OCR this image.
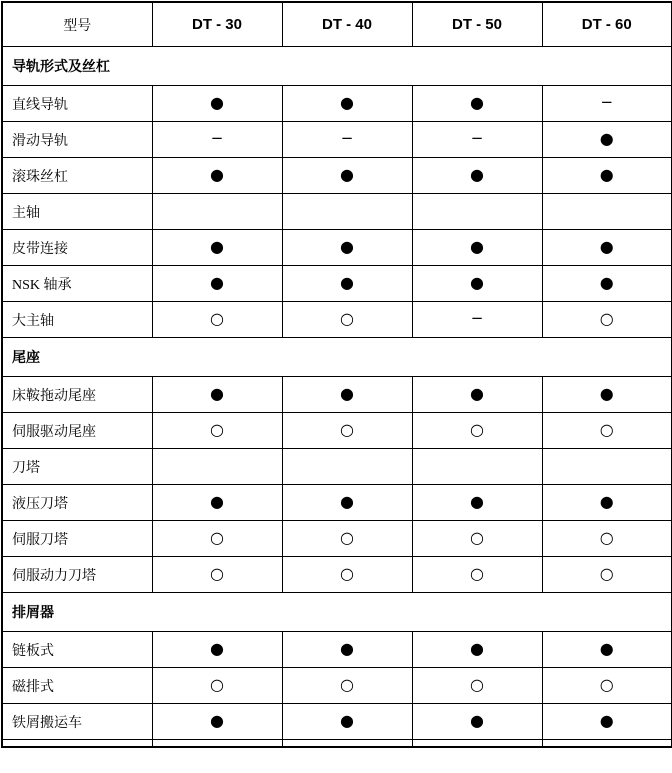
型号	DT - 30	DT - 40	DT - 50	DT - 60
导轨形式及丝杠				
直线导轨	●	●	●	−
滑动导轨	−	−	−	●
滚珠丝杠	●	●	●	●
主轴				
皮带连接	●	●	●	●
NSK 轴承	●	●	●	●
大主轴	○	○	−	○
尾座				
床鞍拖动尾座	●	●	●	●
伺服驱动尾座	○	○	○	○
刀塔				
液压刀塔	●	●	●	●
伺服刀塔	○	○	○	○
伺服动力刀塔	○	○	○	○
排屑器				
链板式	●	●	●	●
磁排式	○	○	○	○
铁屑搬运车	●	●	●	●
